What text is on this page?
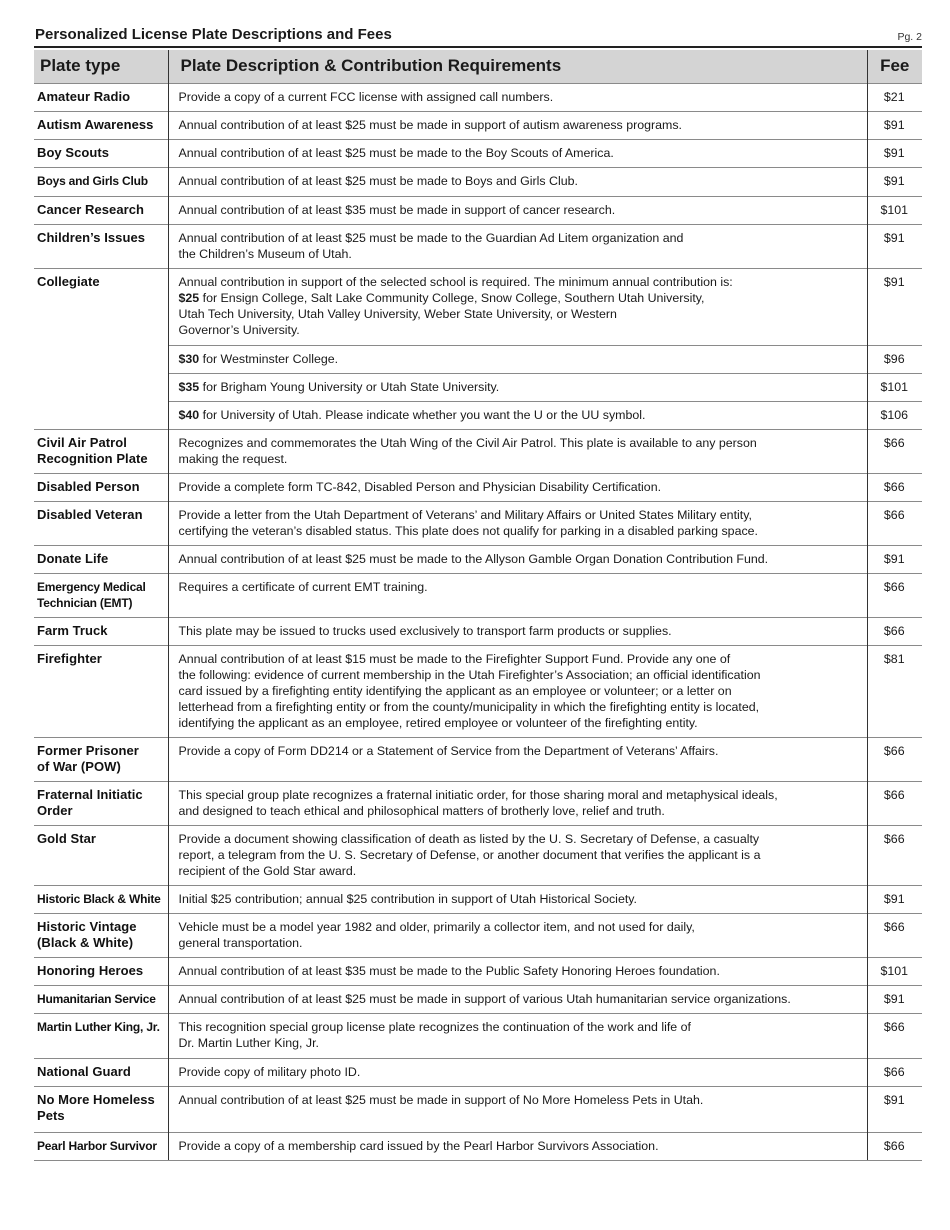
Personalized License Plate Descriptions and Fees	Pg. 2
Plate type	Plate Description & Contribution Requirements	Fee

Amateur Radio	Provide a copy of a current FCC license with assigned call numbers.	$21

Autism Awareness	Annual contribution of at least $25 must be made in support of autism awareness programs.	$91

Boy Scouts	Annual contribution of at least $25 must be made to the Boy Scouts of America.	$91

Boys and Girls Club	Annual contribution of at least $25 must be made to Boys and Girls Club.	$91

Cancer Research	Annual contribution of at least $35 must be made in support of cancer research.	$101

Children’s Issues	Annual contribution of at least $25 must be made to the Guardian Ad Litem organization and
the Children’s Museum of Utah.	$91

Collegiate	Annual contribution in support of the selected school is required. The minimum annual contribution is:
$25 for Ensign College, Salt Lake Community College, Snow College, Southern Utah University,
Utah Tech University, Utah Valley University, Weber State University, or Western
Governor’s University.	$91

	$30 for Westminster College.	$96

	$35 for Brigham Young University or Utah State University.	$101

	$40 for University of Utah. Please indicate whether you want the U or the UU symbol.	$106

Civil Air Patrol
Recognition Plate	Recognizes and commemorates the Utah Wing of the Civil Air Patrol. This plate is available to any person
making the request.	$66

Disabled Person	Provide a complete form TC-842, Disabled Person and Physician Disability Certification.	$66

Disabled Veteran	Provide a letter from the Utah Department of Veterans’ and Military Affairs or United States Military entity,
certifying the veteran’s disabled status. This plate does not qualify for parking in a disabled parking space.	$66

Donate Life	Annual contribution of at least $25 must be made to the Allyson Gamble Organ Donation Contribution Fund.	$91

Emergency Medical
Technician (EMT)	Requires a certificate of current EMT training.	$66

Farm Truck	This plate may be issued to trucks used exclusively to transport farm products or supplies.	$66

Firefighter	Annual contribution of at least $15 must be made to the Firefighter Support Fund. Provide any one of
the following: evidence of current membership in the Utah Firefighter’s Association; an official identification
card issued by a firefighting entity identifying the applicant as an employee or volunteer; or a letter on
letterhead from a firefighting entity or from the county/municipality in which the firefighting entity is located,
identifying the applicant as an employee, retired employee or volunteer of the firefighting entity.	$81

Former Prisoner
of War (POW)	Provide a copy of Form DD214 or a Statement of Service from the Department of Veterans’ Affairs.	$66

Fraternal Initiatic
Order	This special group plate recognizes a fraternal initiatic order, for those sharing moral and metaphysical ideals,
and designed to teach ethical and philosophical matters of brotherly love, relief and truth.	$66

Gold Star	Provide a document showing classification of death as listed by the U. S. Secretary of Defense, a casualty
report, a telegram from the U. S. Secretary of Defense, or another document that verifies the applicant is a
recipient of the Gold Star award.	$66

Historic Black & White	Initial $25 contribution; annual $25 contribution in support of Utah Historical Society.	$91

Historic Vintage
(Black & White)	Vehicle must be a model year 1982 and older, primarily a collector item, and not used for daily,
general transportation.	$66

Honoring Heroes	Annual contribution of at least $35 must be made to the Public Safety Honoring Heroes foundation.	$101

Humanitarian Service	Annual contribution of at least $25 must be made in support of various Utah humanitarian service organizations.	$91

Martin Luther King, Jr.	This recognition special group license plate recognizes the continuation of the work and life of
Dr. Martin Luther King, Jr.	$66

National Guard	Provide copy of military photo ID.	$66

No More Homeless
Pets	Annual contribution of at least $25 must be made in support of No More Homeless Pets in Utah.	$91

Pearl Harbor Survivor	Provide a copy of a membership card issued by the Pearl Harbor Survivors Association.	$66
